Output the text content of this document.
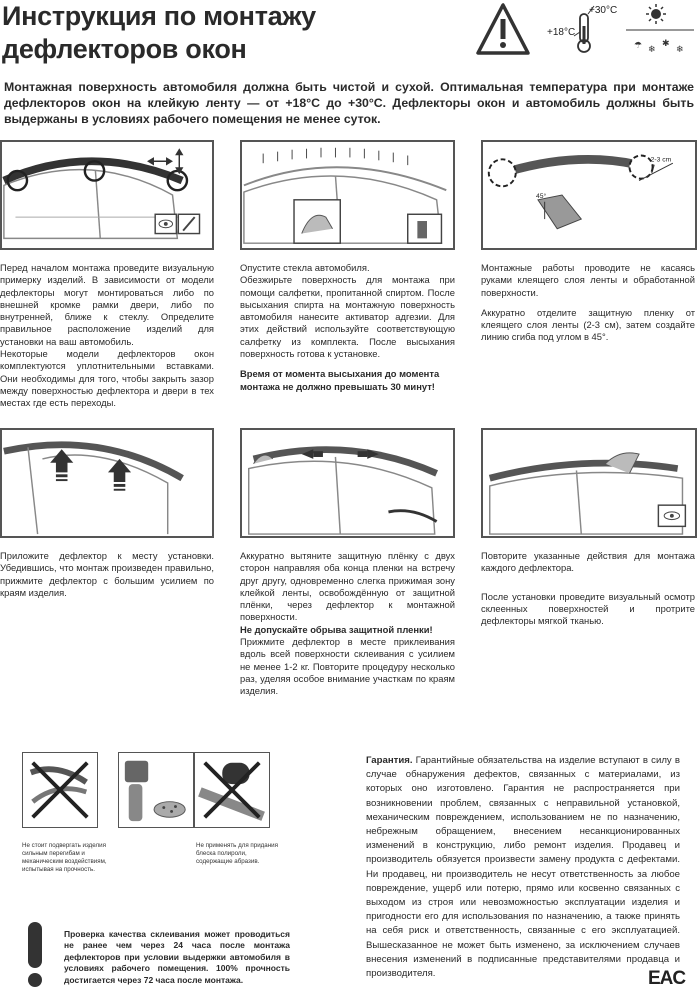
Инструкция по монтажу
дефлекторов окон
+30°C
+18°C
☂ ❄
✱
❄
Монтажная поверхность автомобиля должна быть чистой и сухой. Оптимальная температура при монтаже дефлекторов окон на клейкую ленту — от +18°С до +30°С. Дефлекторы окон и автомобиль должны быть выдержаны в условиях рабочего помещения не менее суток.
2-3 cm
45°

Перед началом монтажа проведите визуальную примерку изделий. В зависимости от модели дефлекторы могут монтироваться либо по внешней кромке рамки двери, либо по внутренней, ближе к стеклу. Определите правильное расположение изделий для установки на ваш автомобиль.

Некоторые модели дефлекторов окон комплектуются уплотнительными вставками. Они необходимы для того, чтобы закрыть зазор между поверхностью дефлектора и двери в тех местах где есть переходы.

Опустите стекла автомобиля.

Обезжирьте поверхность для монтажа при помощи салфетки, пропитанной спиртом. После высыхания спирта на монтажную поверхность автомобиля нанесите активатор адгезии. Для этих действий используйте соответствующую салфетку из комплекта. После высыхания поверхность готова к установке.

Время от момента высыхания до момента монтажа не должно превышать 30 минут!

Монтажные работы проводите не касаясь руками клеящего слоя ленты и обработанной поверхности.

Аккуратно отделите защитную пленку от клеящего слоя ленты (2-3 см), затем создайте линию сгиба под углом в 45°.

Приложите дефлектор к месту установки. Убедившись, что монтаж произведен правильно, прижмите дефлектор с большим усилием по краям изделия.

Аккуратно вытяните защитную плёнку с двух сторон направляя оба конца пленки на встречу друг другу, одновременно слегка прижимая зону клейкой ленты, освобождённую от защитной плёнки, через дефлектор к монтажной поверхности.

Не допускайте обрыва защитной пленки!

Прижмите дефлектор в месте приклеивания вдоль всей поверхности склеивания с усилием не менее 1-2 кг. Повторите процедуру несколько раз, уделяя особое внимание участкам по краям изделия.

Повторите указанные действия для монтажа каждого дефлектора.

После установки проведите визуальный осмотр склеенных поверхностей и протрите дефлекторы мягкой тканью.

Не стоит подвергать изделия сильным перегибам и механическим воздействиям, испытывая на прочность.
Не применять для придания блеска полироли, содержащие абразив.
Проверка качества склеивания может проводиться не ранее чем через 24 часа после монтажа дефлекторов при условии выдержки автомобиля в условиях рабочего помещения. 100% прочность достигается через 72 часа после монтажа.
Гарантия. Гарантийные обязательства на изделие вступают в силу в случае обнаружения дефектов, связанных с материалами, из которых оно изготовлено. Гарантия не распространяется при возникновении проблем, связанных с неправильной установкой, механическим повреждением, использованием не по назначению, небрежным обращением, внесением несанкционированных изменений в конструкцию, либо ремонт изделия. Продавец и производитель обязуется произвести замену продукта с дефектами. Ни продавец, ни производитель не несут ответственность за любое повреждение, ущерб или потерю, прямо или косвенно связанных с выходом из строя или невозможностью эксплуатации изделия и пригодности его для использования по назначению, а также принять на себя риск и ответственность, связанные с его эксплуатацией. Вышесказанное не может быть изменено, за исключением случаев внесения изменений в подписанные представителями продавца и производителя.	EAC
